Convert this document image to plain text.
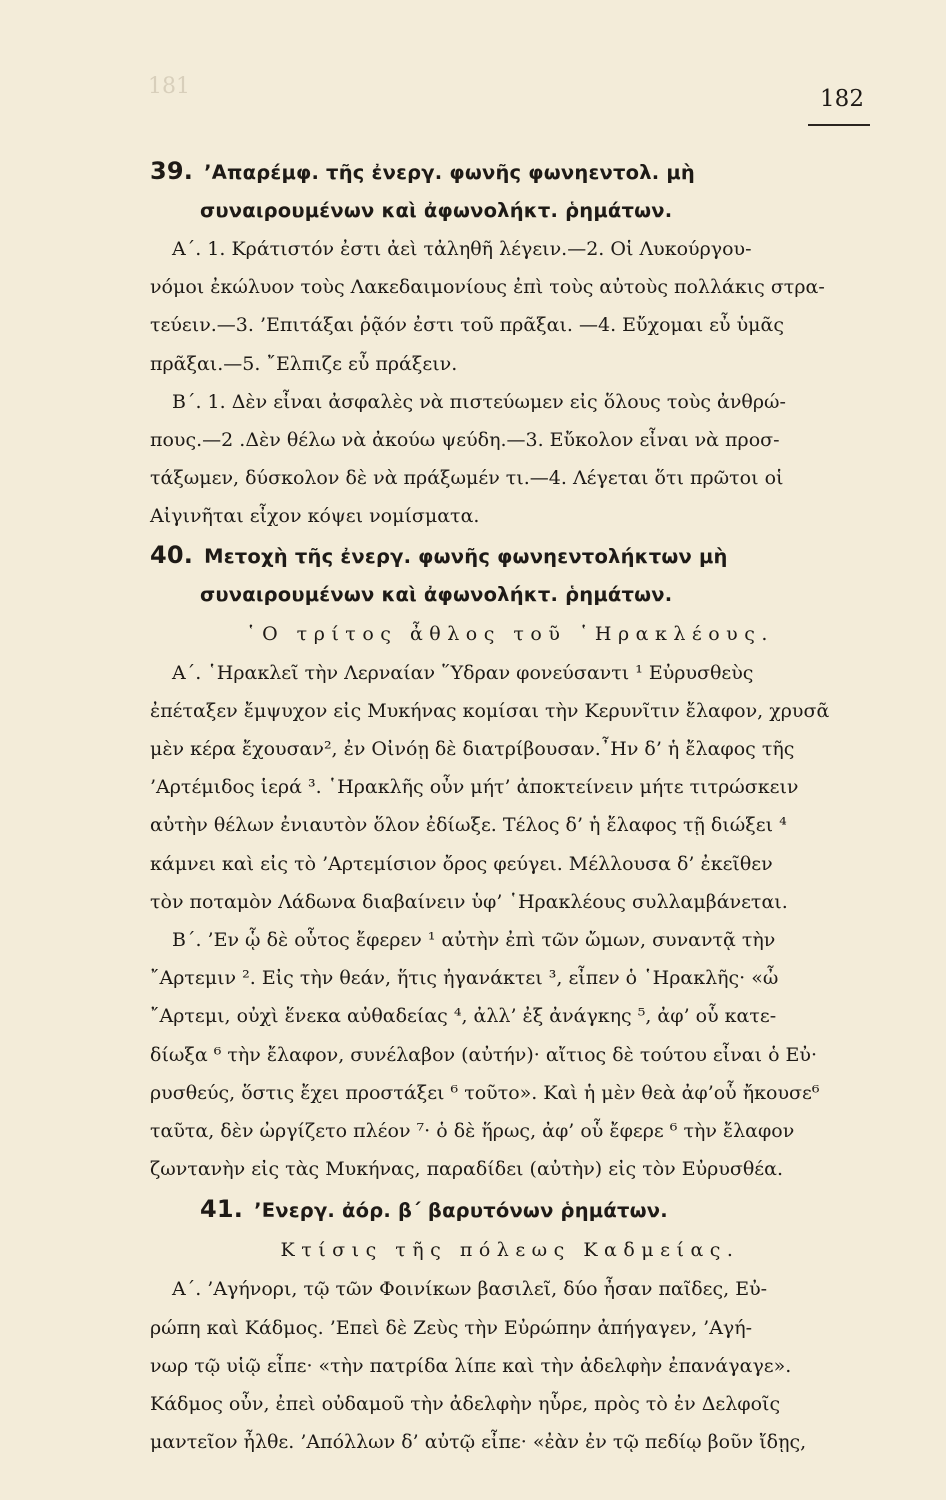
181	182
39. ’Απαρέμφ. τῆς ἐνεργ. φωνῆς φωνηεντολ. μὴ
συναιρουμένων καὶ ἀφωνολήκτ. ῥημάτων.
Α΄. 1. Κράτιστόν ἐστι ἀεὶ τἀληθῆ λέγειν.—2. Οἱ Λυκούργου-
νόμοι ἐκώλυον τοὺς Λακεδαιμονίους ἐπὶ τοὺς αὐτοὺς πολλάκις στρα-
τεύειν.—3. ’Επιτάξαι ῥᾷόν ἐστι τοῦ πρᾶξαι. —4. Εὔχομαι εὖ ὑμᾶς
πρᾶξαι.—5. ῎Ελπιζε εὖ πράξειν.
Β΄. 1. Δὲν εἶναι ἀσφαλὲς νὰ πιστεύωμεν εἰς ὅλους τοὺς ἀνθρώ-
πους.—2 .Δὲν θέλω νὰ ἀκούω ψεύδη.—3. Εὔκολον εἶναι νὰ προσ-
τάξωμεν, δύσκολον δὲ νὰ πράξωμέν τι.—4. Λέγεται ὅτι πρῶτοι οἱ
Αἰγινῆται εἶχον κόψει νομίσματα.
40. Μετοχὴ τῆς ἐνεργ. φωνῆς φωνηεντολήκτων μὴ
συναιρουμένων καὶ ἀφωνολήκτ. ῥημάτων.
῾Ο τρίτος ἆθλος τοῦ ῾Ηρακλέους.
Α΄. ῾Ηρακλεῖ τὴν Λερναίαν ῞Υδραν φονεύσαντι ¹ Εὐρυσθεὺς
ἐπέταξεν ἔμψυχον εἰς Μυκήνας κομίσαι τὴν Κερυνῖτιν ἔλαφον, χρυσᾶ
μὲν κέρα ἔχουσαν², ἐν Οἰνόῃ δὲ διατρίβουσαν.῏Ην δ’ ἡ ἔλαφος τῆς
’Αρτέμιδος ἱερά ³. ῾Ηρακλῆς οὖν μήτ’ ἀποκτείνειν μήτε τιτρώσκειν
αὐτὴν θέλων ἐνιαυτὸν ὅλον ἐδίωξε. Τέλος δ’ ἡ ἔλαφος τῇ διώξει ⁴
κάμνει καὶ εἰς τὸ ’Αρτεμίσιον ὄρος φεύγει. Μέλλουσα δ’ ἐκεῖθεν
τὸν ποταμὸν Λάδωνα διαβαίνειν ὑφ’ ῾Ηρακλέους συλλαμβάνεται.
Β΄. ’Εν ᾧ δὲ οὗτος ἔφερεν ¹ αὐτὴν ἐπὶ τῶν ὤμων, συναντᾷ τὴν
῎Αρτεμιν ². Εἰς τὴν θεάν, ἥτις ἠγανάκτει ³, εἶπεν ὁ ῾Ηρακλῆς· «ὦ
῎Αρτεμι, οὐχὶ ἕνεκα αὐθαδείας ⁴, ἀλλ’ ἐξ ἀνάγκης ⁵, ἀφ’ οὗ κατε-
δίωξα ⁶ τὴν ἔλαφον, συνέλαβον (αὐτήν)· αἴτιος δὲ τούτου εἶναι ὁ Εὐ·
ρυσθεύς, ὅστις ἔχει προστάξει ⁶ τοῦτο». Καὶ ἡ μὲν θεὰ ἀφ’οὗ ἤκουσε⁶
ταῦτα, δὲν ὠργίζετο πλέον ⁷· ὁ δὲ ἥρως, ἀφ’ οὗ ἔφερε ⁶ τὴν ἔλαφον
ζωντανὴν εἰς τὰς Μυκήνας, παραδίδει (αὐτὴν) εἰς τὸν Εὐρυσθέα.
41. ’Ενεργ. ἀόρ. β΄ βαρυτόνων ῥημάτων.
Κτίσις τῆς πόλεως Καδμείας.
Α΄. ’Αγήνορι, τῷ τῶν Φοινίκων βασιλεῖ, δύο ἦσαν παῖδες, Εὐ-
ρώπη καὶ Κάδμος. ’Επεὶ δὲ Ζεὺς τὴν Εὐρώπην ἀπήγαγεν, ’Αγή-
νωρ τῷ υἱῷ εἶπε· «τὴν πατρίδα λίπε καὶ τὴν ἀδελφὴν ἐπανάγαγε».
Κάδμος οὖν, ἐπεὶ οὐδαμοῦ τὴν ἀδελφὴν ηὗρε, πρὸς τὸ ἐν Δελφοῖς
μαντεῖον ἦλθε. ’Απόλλων δ’ αὐτῷ εἶπε· «ἐὰν ἐν τῷ πεδίῳ βοῦν ἴδῃς,
